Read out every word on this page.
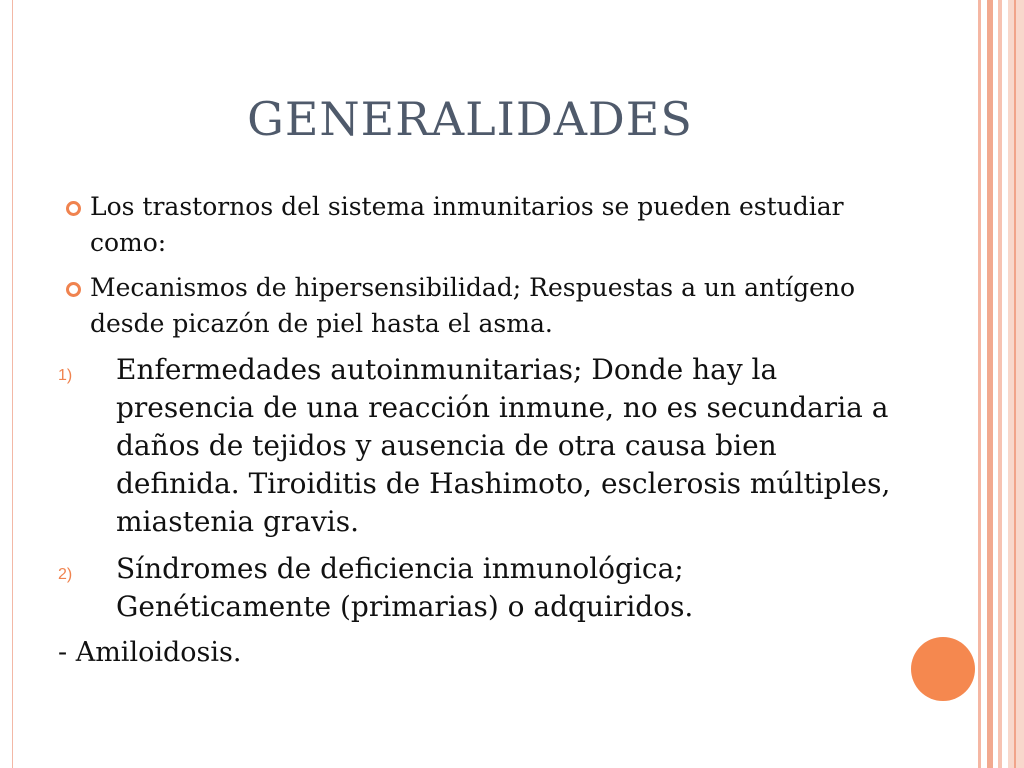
GENERALIDADES
Los trastornos del sistema inmunitarios se pueden estudiar como:
Mecanismos de hipersensibilidad; Respuestas a un antígeno desde picazón de piel hasta el asma.
1) Enfermedades autoinmunitarias; Donde hay la presencia de una reacción inmune, no es secundaria a daños de tejidos y ausencia de otra causa bien definida. Tiroiditis de Hashimoto, esclerosis múltiples, miastenia gravis.
2) Síndromes de deficiencia inmunológica; Genéticamente (primarias) o adquiridos.
- Amiloidosis.
